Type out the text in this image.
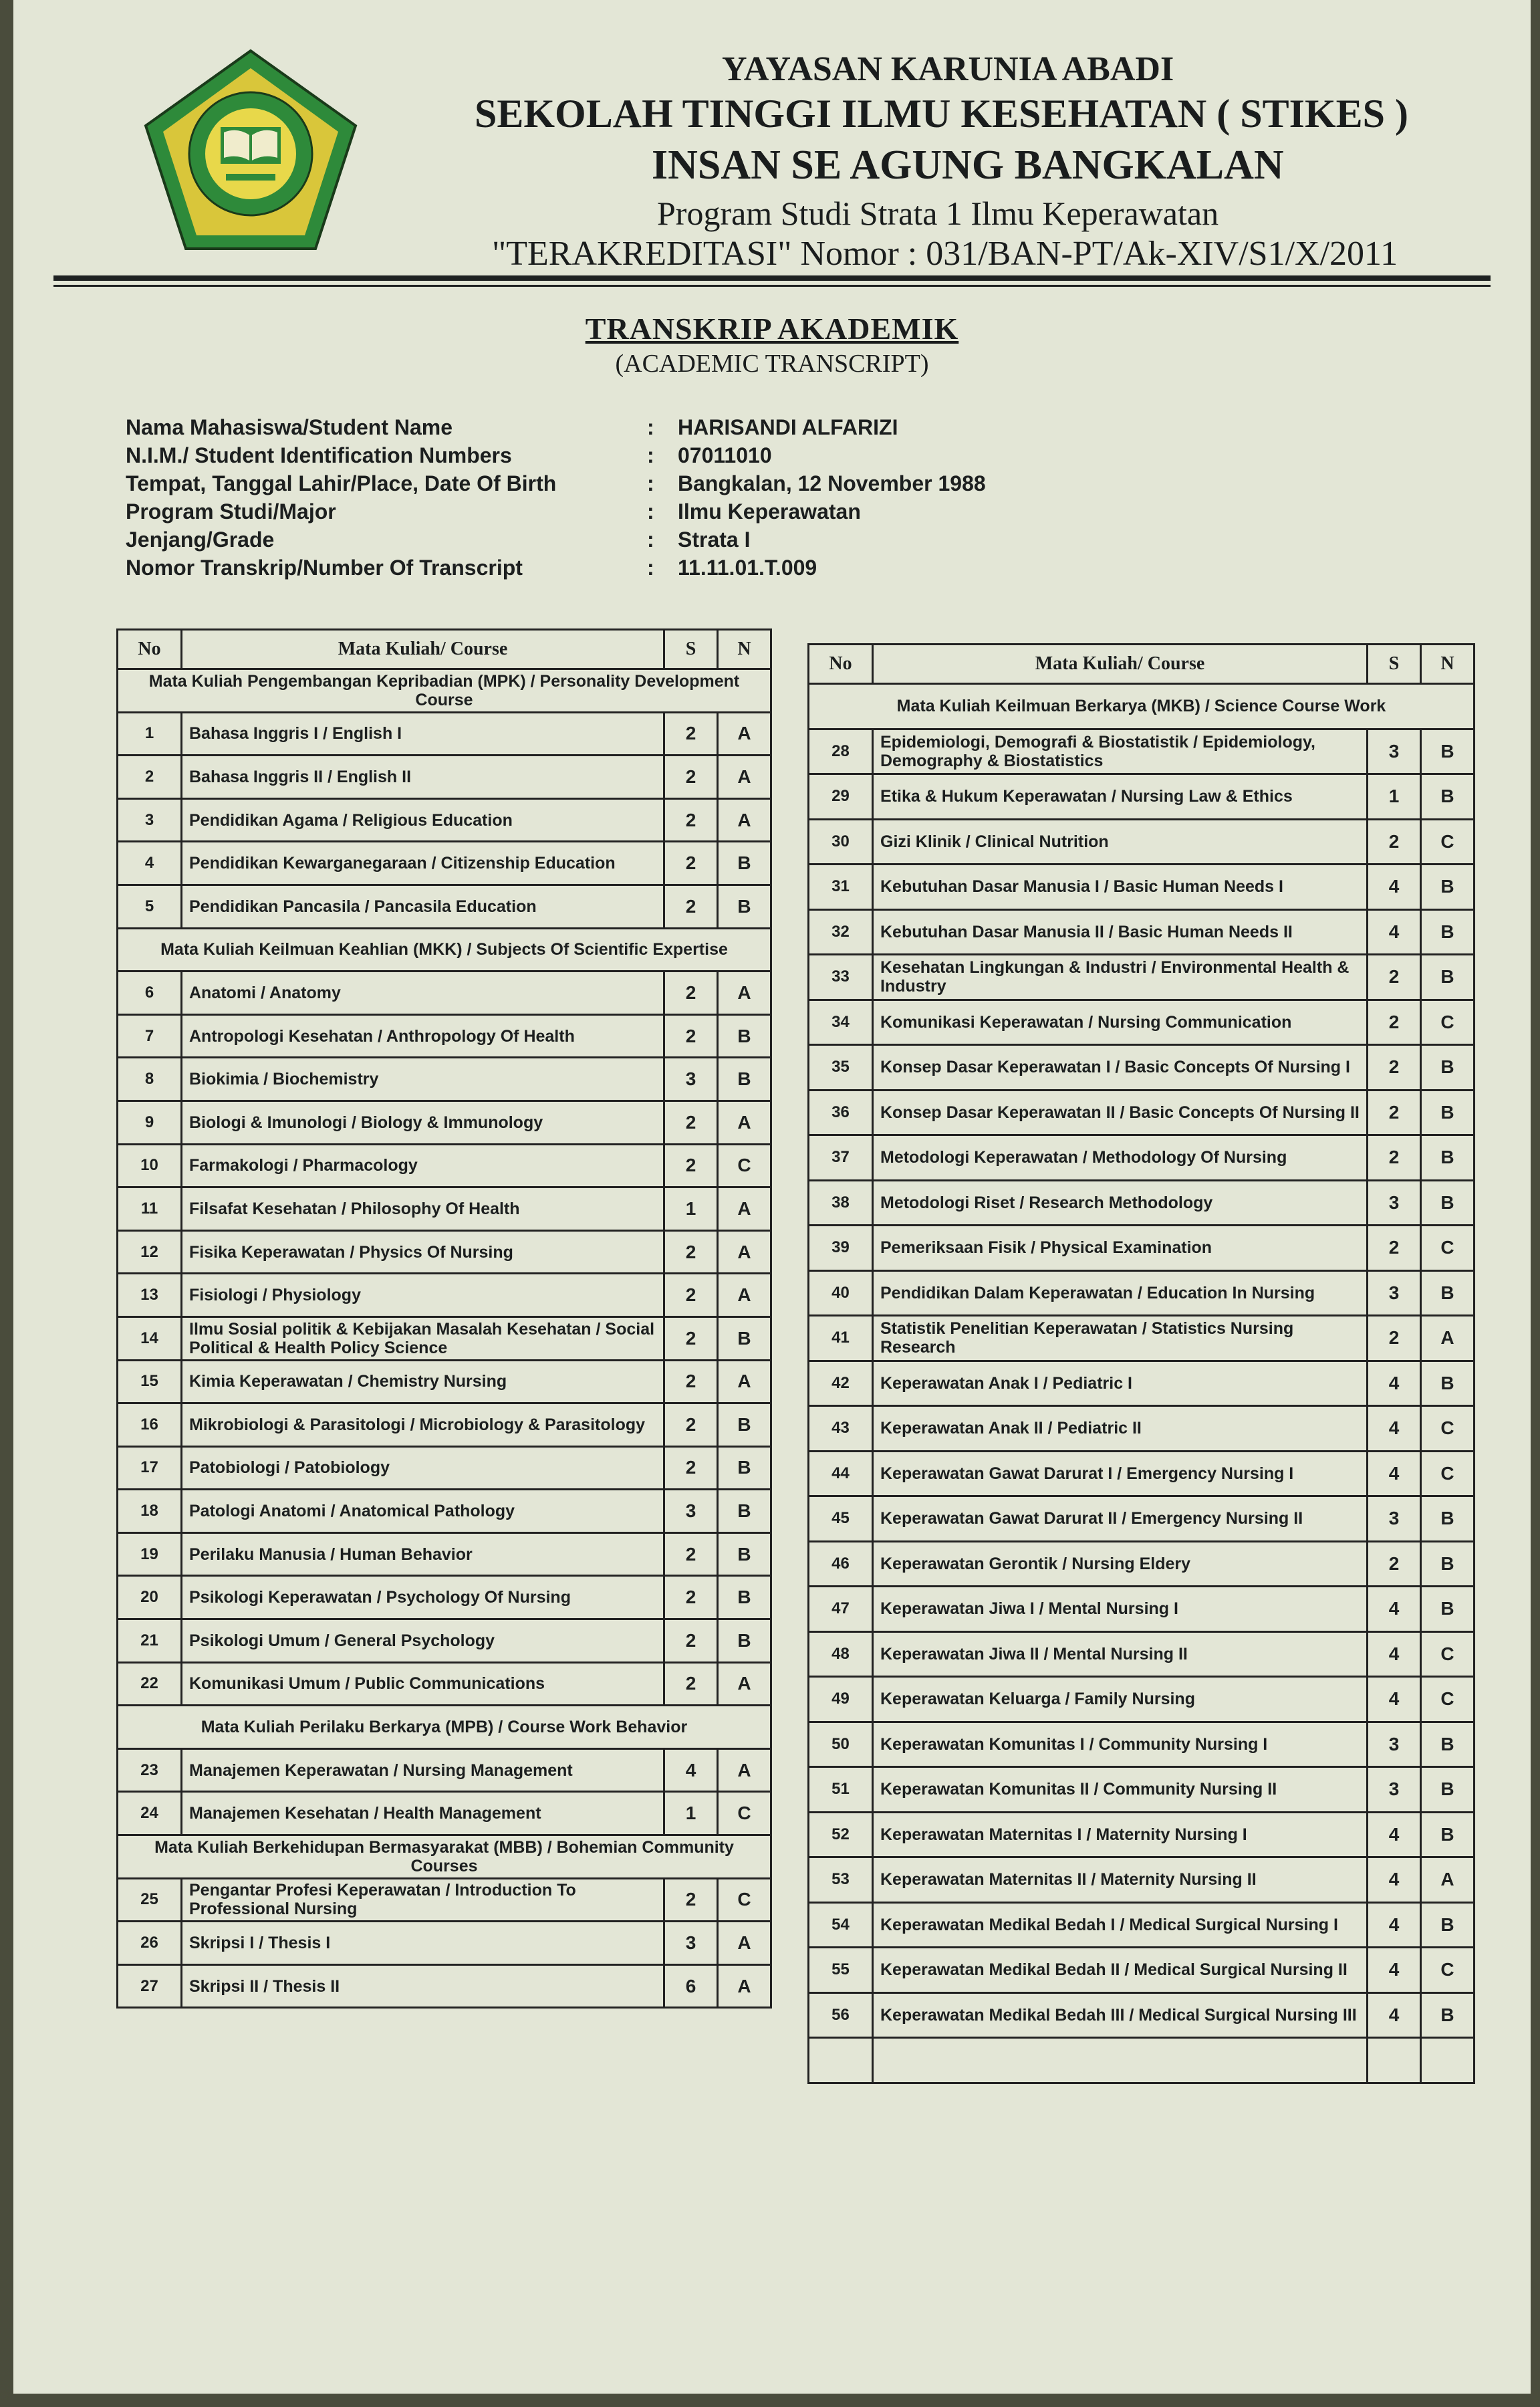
YAYASAN KARUNIA ABADI
SEKOLAH TINGGI ILMU KESEHATAN ( STIKES )
INSAN SE AGUNG BANGKALAN
Program Studi Strata 1 Ilmu Keperawatan
"TERAKREDITASI" Nomor : 031/BAN-PT/Ak-XIV/S1/X/2011
TRANSKRIP AKADEMIK
(ACADEMIC TRANSCRIPT)
Nama Mahasiswa/Student Name	:	HARISANDI ALFARIZI
N.I.M./ Student Identification Numbers	:	07011010
Tempat, Tanggal Lahir/Place, Date Of Birth	:	Bangkalan, 12 November 1988
Program Studi/Major	:	Ilmu Keperawatan
Jenjang/Grade	:	Strata I
Nomor Transkrip/Number Of Transcript	:	11.11.01.T.009
No	Mata Kuliah/ Course	S	N
Mata Kuliah Pengembangan Kepribadian (MPK) / Personality Development Course			
1	Bahasa Inggris I / English I	2	A
2	Bahasa Inggris II / English II	2	A
3	Pendidikan Agama / Religious Education	2	A
4	Pendidikan Kewarganegaraan / Citizenship Education	2	B
5	Pendidikan Pancasila / Pancasila Education	2	B
Mata Kuliah Keilmuan Keahlian (MKK) / Subjects Of Scientific Expertise			
6	Anatomi / Anatomy	2	A
7	Antropologi Kesehatan / Anthropology Of Health	2	B
8	Biokimia / Biochemistry	3	B
9	Biologi & Imunologi / Biology & Immunology	2	A
10	Farmakologi / Pharmacology	2	C
11	Filsafat Kesehatan / Philosophy Of Health	1	A
12	Fisika Keperawatan / Physics Of Nursing	2	A
13	Fisiologi / Physiology	2	A
14	Ilmu Sosial politik & Kebijakan Masalah Kesehatan / Social Political & Health Policy Science	2	B
15	Kimia Keperawatan / Chemistry Nursing	2	A
16	Mikrobiologi & Parasitologi / Microbiology & Parasitology	2	B
17	Patobiologi / Patobiology	2	B
18	Patologi Anatomi / Anatomical Pathology	3	B
19	Perilaku Manusia / Human Behavior	2	B
20	Psikologi Keperawatan / Psychology Of Nursing	2	B
21	Psikologi Umum / General Psychology	2	B
22	Komunikasi Umum / Public Communications	2	A
Mata Kuliah Perilaku Berkarya (MPB) / Course Work Behavior			
23	Manajemen Keperawatan / Nursing Management	4	A
24	Manajemen Kesehatan / Health Management	1	C
Mata Kuliah Berkehidupan Bermasyarakat (MBB) / Bohemian Community Courses			
25	Pengantar Profesi Keperawatan / Introduction To Professional Nursing	2	C
26	Skripsi I / Thesis I	3	A
27	Skripsi II / Thesis II	6	A
No	Mata Kuliah/ Course	S	N
Mata Kuliah Keilmuan Berkarya (MKB) / Science Course Work			
28	Epidemiologi, Demografi & Biostatistik / Epidemiology, Demography & Biostatistics	3	B
29	Etika & Hukum Keperawatan / Nursing Law & Ethics	1	B
30	Gizi Klinik / Clinical Nutrition	2	C
31	Kebutuhan Dasar Manusia I / Basic Human Needs I	4	B
32	Kebutuhan Dasar Manusia II / Basic Human Needs II	4	B
33	Kesehatan Lingkungan & Industri / Environmental Health & Industry	2	B
34	Komunikasi Keperawatan / Nursing Communication	2	C
35	Konsep Dasar Keperawatan I / Basic Concepts Of Nursing I	2	B
36	Konsep Dasar Keperawatan II / Basic Concepts Of Nursing II	2	B
37	Metodologi Keperawatan / Methodology Of Nursing	2	B
38	Metodologi Riset / Research Methodology	3	B
39	Pemeriksaan Fisik / Physical Examination	2	C
40	Pendidikan Dalam Keperawatan / Education In Nursing	3	B
41	Statistik Penelitian Keperawatan / Statistics Nursing Research	2	A
42	Keperawatan Anak I / Pediatric I	4	B
43	Keperawatan Anak II / Pediatric II	4	C
44	Keperawatan Gawat Darurat I / Emergency Nursing I	4	C
45	Keperawatan Gawat Darurat II / Emergency Nursing II	3	B
46	Keperawatan Gerontik / Nursing Eldery	2	B
47	Keperawatan Jiwa I / Mental Nursing I	4	B
48	Keperawatan Jiwa II / Mental Nursing II	4	C
49	Keperawatan Keluarga / Family Nursing	4	C
50	Keperawatan Komunitas I / Community Nursing I	3	B
51	Keperawatan Komunitas II / Community Nursing II	3	B
52	Keperawatan Maternitas I / Maternity Nursing I	4	B
53	Keperawatan Maternitas II / Maternity Nursing II	4	A
54	Keperawatan Medikal Bedah I / Medical Surgical Nursing I	4	B
55	Keperawatan Medikal Bedah II / Medical Surgical Nursing II	4	C
56	Keperawatan Medikal Bedah III / Medical Surgical Nursing III	4	B
